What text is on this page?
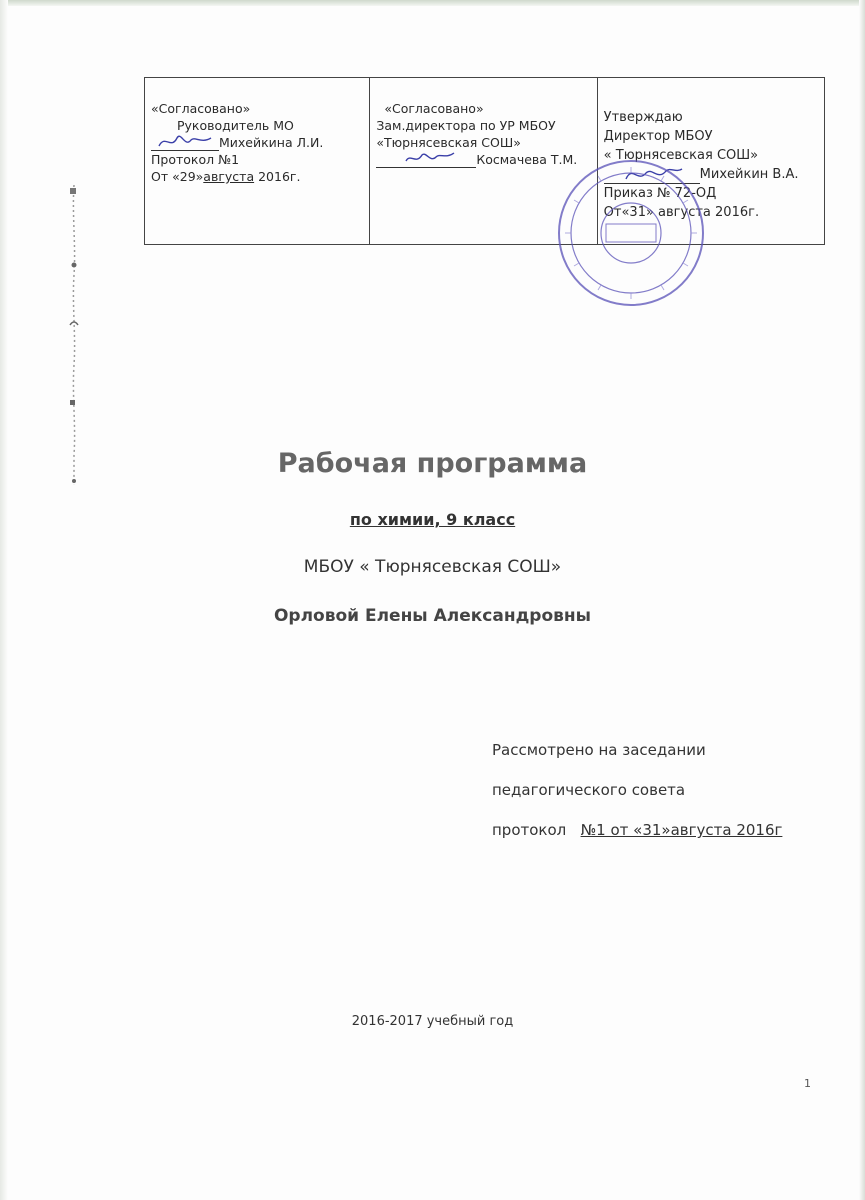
«Согласовано»
Руководитель МО
Михейкина Л.И.
Протокол №1
От «29»августа 2016г.
«Согласовано»
Зам.директора по УР МБОУ
«Тюрнясевская СОШ»
Космачева Т.М.
Утверждаю
Директор МБОУ
« Тюрнясевская СОШ»
Михейкин В.А.
Приказ № 72-ОД
От«31» августа 2016г.
Рабочая программа
по химии, 9 класс
МБОУ « Тюрнясевская СОШ»
Орловой Елены Александровны
Рассмотрено на заседании
педагогического совета
протокол   №1 от «31»августа 2016г
2016-2017 учебный год
1
